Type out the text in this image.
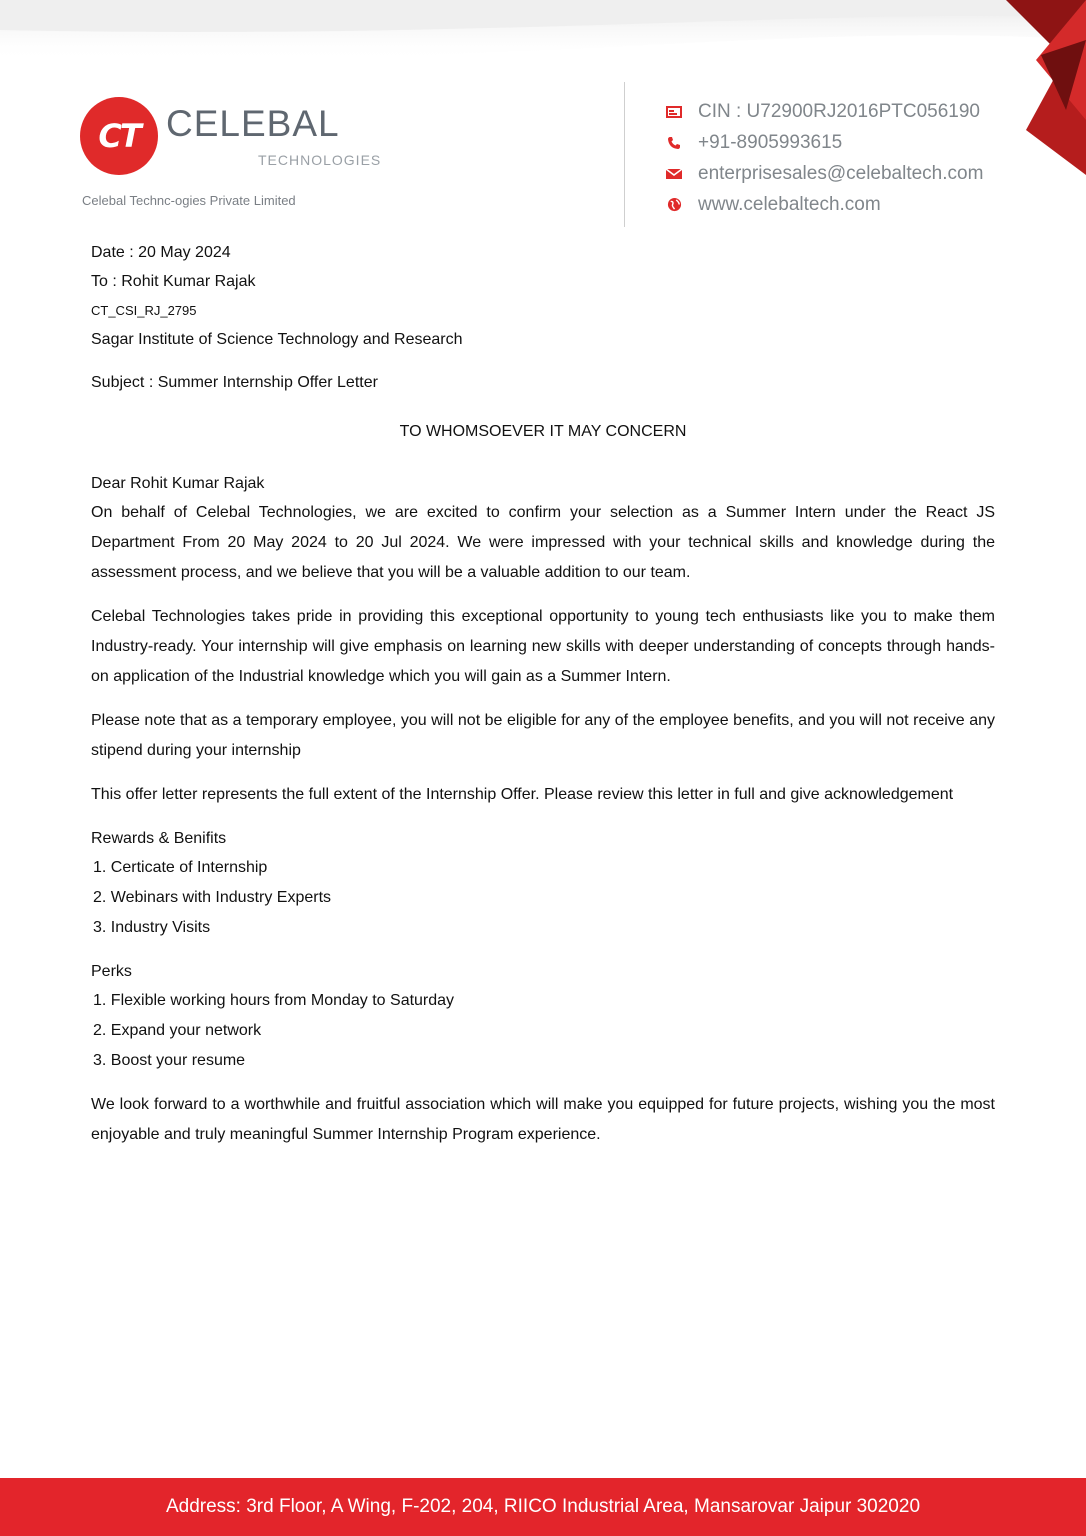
CT CELEBAL
TECHNOLOGIES
Celebal Technc-ogies Private Limited
CIN : U72900RJ2016PTC056190
+91-8905993615
enterprisesales@celebaltech.com
www.celebaltech.com
Date : 20 May 2024
To : Rohit Kumar Rajak
CT_CSI_RJ_2795
Sagar Institute of Science Technology and Research
Subject : Summer Internship Offer Letter
TO WHOMSOEVER IT MAY CONCERN
Dear Rohit Kumar Rajak

On behalf of Celebal Technologies, we are excited to confirm your selection as a Summer Intern under the React JS Department From 20 May 2024 to 20 Jul 2024. We were impressed with your technical skills and knowledge during the assessment process, and we believe that you will be a valuable addition to our team.

Celebal Technologies takes pride in providing this exceptional opportunity to young tech enthusiasts like you to make them Industry-ready. Your internship will give emphasis on learning new skills with deeper understanding of concepts through hands-on application of the Industrial knowledge which you will gain as a Summer Intern.

Please note that as a temporary employee, you will not be eligible for any of the employee benefits, and you will not receive any stipend during your internship

This offer letter represents the full extent of the Internship Offer. Please review this letter in full and give acknowledgement

Rewards & Benifits
1. Certicate of Internship
2. Webinars with Industry Experts
3. Industry Visits
Perks
1. Flexible working hours from Monday to Saturday
2. Expand your network
3. Boost your resume

We look forward to a worthwhile and fruitful association which will make you equipped for future projects, wishing you the most enjoyable and truly meaningful Summer Internship Program experience.

Address: 3rd Floor, A Wing, F-202, 204, RIICO Industrial Area, Mansarovar Jaipur 302020
